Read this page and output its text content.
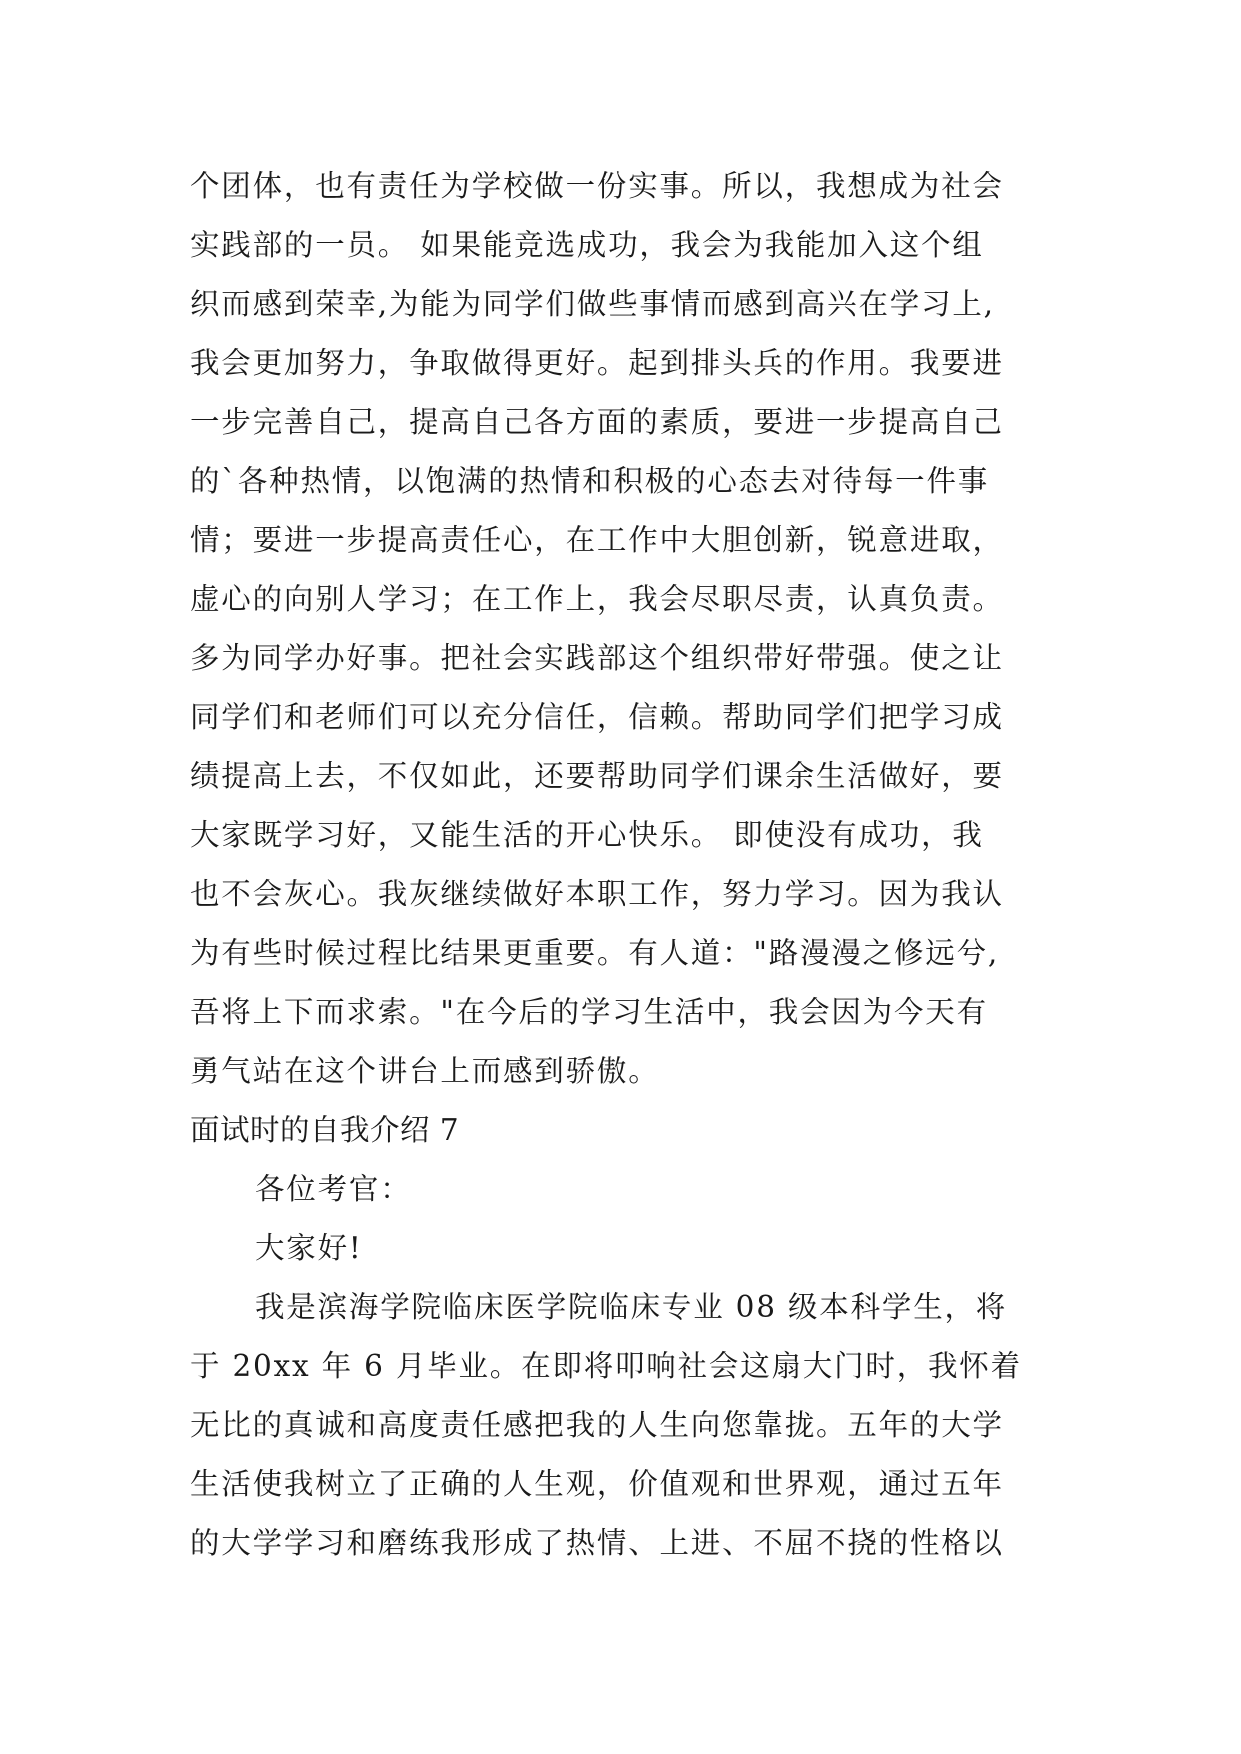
个团体，也有责任为学校做一份实事。所以，我想成为社会
实践部的一员。 如果能竞选成功，我会为我能加入这个组
织而感到荣幸,为能为同学们做些事情而感到高兴在学习上,
我会更加努力，争取做得更好。起到排头兵的作用。我要进
一步完善自己，提高自己各方面的素质，要进一步提高自己
的`各种热情，以饱满的热情和积极的心态去对待每一件事
情；要进一步提高责任心，在工作中大胆创新，锐意进取，
虚心的向别人学习；在工作上，我会尽职尽责，认真负责。
多为同学办好事。把社会实践部这个组织带好带强。使之让
同学们和老师们可以充分信任，信赖。帮助同学们把学习成
绩提高上去，不仅如此，还要帮助同学们课余生活做好，要
大家既学习好，又能生活的开心快乐。 即使没有成功，我
也不会灰心。我灰继续做好本职工作，努力学习。因为我认
为有些时候过程比结果更重要。有人道："路漫漫之修远兮,
吾将上下而求索。"在今后的学习生活中，我会因为今天有
勇气站在这个讲台上而感到骄傲。
面试时的自我介绍 7
各位考官：
大家好!
我是滨海学院临床医学院临床专业 08 级本科学生，将
于 20xx 年 6 月毕业。在即将叩响社会这扇大门时，我怀着
无比的真诚和高度责任感把我的人生向您靠拢。五年的大学
生活使我树立了正确的人生观，价值观和世界观，通过五年
的大学学习和磨练我形成了热情、上进、不屈不挠的性格以
